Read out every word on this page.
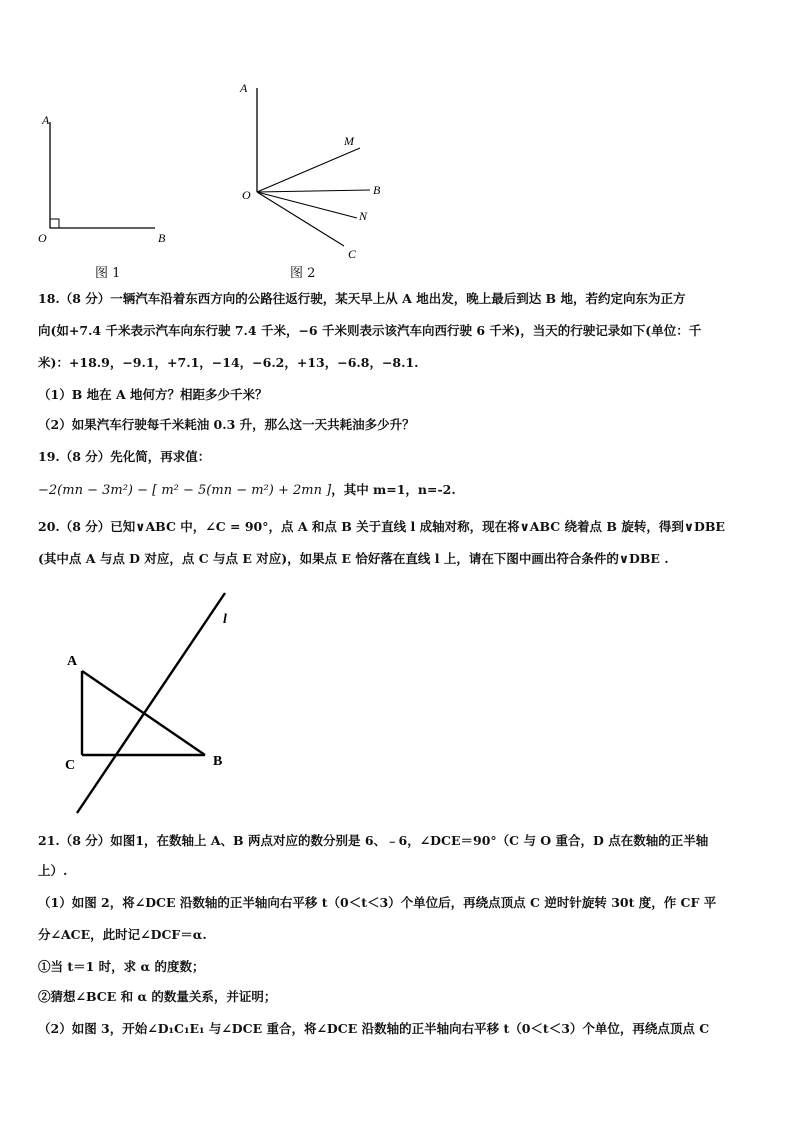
A
O	B
图 1
A
M
B
O
N
C
图 2
18.（8 分）一辆汽车沿着东西方向的公路往返行驶，某天早上从 A 地出发，晚上最后到达 B 地，若约定向东为正方
向(如+7.4 千米表示汽车向东行驶 7.4 千米，−6 千米则表示该汽车向西行驶 6 千米)，当天的行驶记录如下(单位：千
米)：+18.9，−9.1，+7.1，−14，−6.2，+13，−6.8，−8.1.
（1）B 地在 A 地何方？相距多少千米？
（2）如果汽车行驶每千米耗油 0.3 升，那么这一天共耗油多少升？
19.（8 分）先化简，再求值：
−2(mn − 3m²) − [ m² − 5(mn − m²) + 2mn ]，其中 m=1，n=-2.
20.（8 分）已知∨ABC 中，∠C = 90°，点 A 和点 B 关于直线 l 成轴对称，现在将∨ABC 绕着点 B 旋转，得到∨DBE
(其中点 A 与点 D 对应，点 C 与点 E 对应)，如果点 E 恰好落在直线 l 上，请在下图中画出符合条件的∨DBE .
l
A
C	B
21.（8 分）如图1，在数轴上 A、B 两点对应的数分别是 6、﹣6，∠DCE＝90°（C 与 O 重合，D 点在数轴的正半轴
上）.
（1）如图 2，将∠DCE 沿数轴的正半轴向右平移 t（0＜t＜3）个单位后，再绕点顶点 C 逆时针旋转 30t 度，作 CF 平
分∠ACE，此时记∠DCF＝α.
①当 t＝1 时，求 α 的度数；
②猜想∠BCE 和 α 的数量关系，并证明；
（2）如图 3，开始∠D₁C₁E₁ 与∠DCE 重合，将∠DCE 沿数轴的正半轴向右平移 t（0＜t＜3）个单位，再绕点顶点 C
